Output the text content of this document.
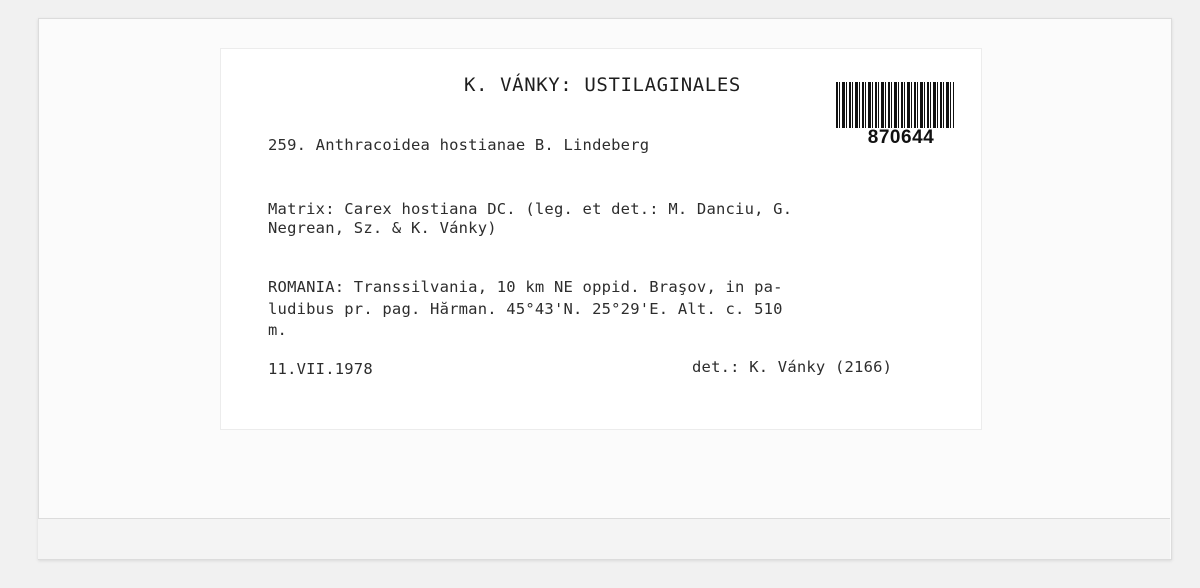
K. VÁNKY: USTILAGINALES
870644
259. Anthracoidea hostianae B. Lindeberg
Matrix: Carex hostiana DC. (leg. et det.: M. Danciu, G.
Negrean, Sz. & K. Vánky)
ROMANIA: Transsilvania, 10 km NE oppid. Braşov, in pa-
ludibus pr. pag. Hărman. 45°43'N. 25°29'E. Alt. c. 510
m.
11.VII.1978	det.: K. Vánky (2166)
